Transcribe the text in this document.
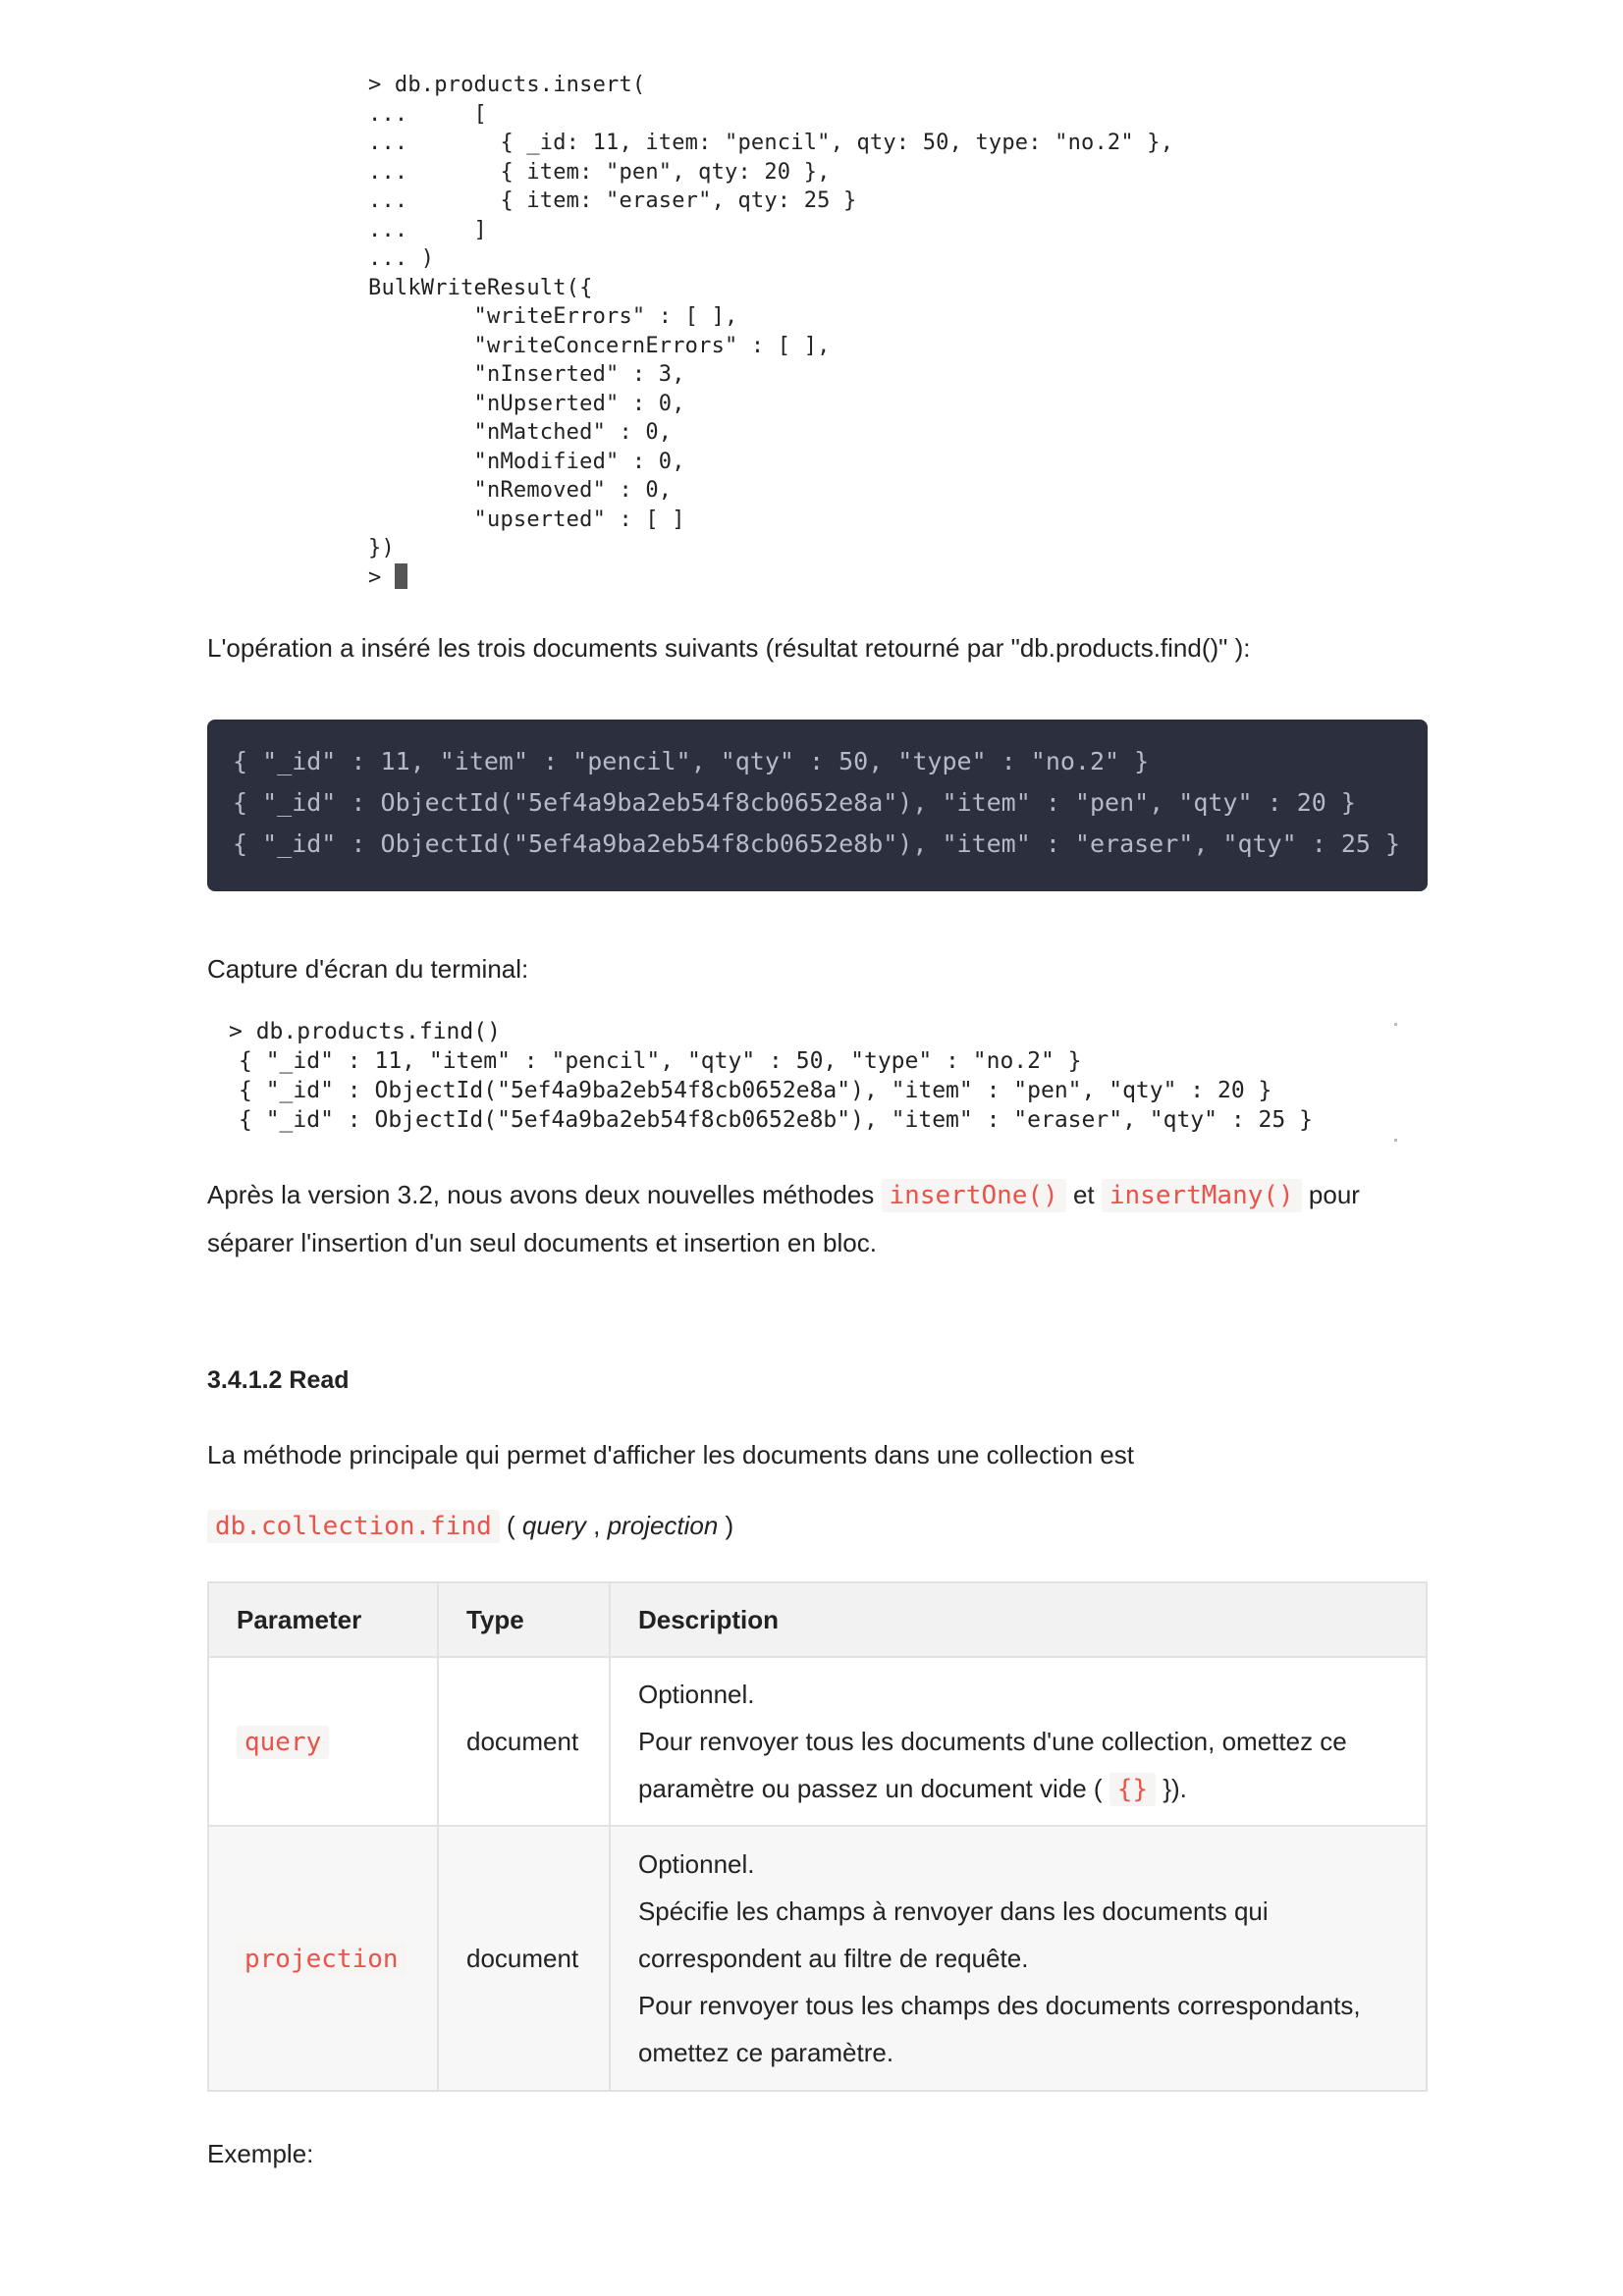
> db.products.insert(
...     [
...       { _id: 11, item: "pencil", qty: 50, type: "no.2" },
...       { item: "pen", qty: 20 },
...       { item: "eraser", qty: 25 }
...     ]
... )
BulkWriteResult({
"writeErrors" : [ ],
"writeConcernErrors" : [ ],
"nInserted" : 3,
"nUpserted" : 0,
"nMatched" : 0,
"nModified" : 0,
"nRemoved" : 0,
"upserted" : [ ]
})
>
L'opération a inséré les trois documents suivants (résultat retourné par "db.products.find()" ):
{ "_id" : 11, "item" : "pencil", "qty" : 50, "type" : "no.2" }
{ "_id" : ObjectId("5ef4a9ba2eb54f8cb0652e8a"), "item" : "pen", "qty" : 20 }
{ "_id" : ObjectId("5ef4a9ba2eb54f8cb0652e8b"), "item" : "eraser", "qty" : 25 }
Capture d'écran du terminal:
> db.products.find()
{ "_id" : 11, "item" : "pencil", "qty" : 50, "type" : "no.2" }
{ "_id" : ObjectId("5ef4a9ba2eb54f8cb0652e8a"), "item" : "pen", "qty" : 20 }
{ "_id" : ObjectId("5ef4a9ba2eb54f8cb0652e8b"), "item" : "eraser", "qty" : 25 }
Après la version 3.2, nous avons deux nouvelles méthodes insertOne() et insertMany() pour
séparer l'insertion d'un seul documents et insertion en bloc.
3.4.1.2 Read
La méthode principale qui permet d'afficher les documents dans une collection est
db.collection.find ( query , projection )
Parameter	Type	Description
query	document	Optionnel.
Pour renvoyer tous les documents d'une collection, omettez ce
paramètre ou passez un document vide ( {} }).

projection	document	Optionnel.
Spécifie les champs à renvoyer dans les documents qui
correspondent au filtre de requête.
Pour renvoyer tous les champs des documents correspondants,
omettez ce paramètre.
Exemple:
